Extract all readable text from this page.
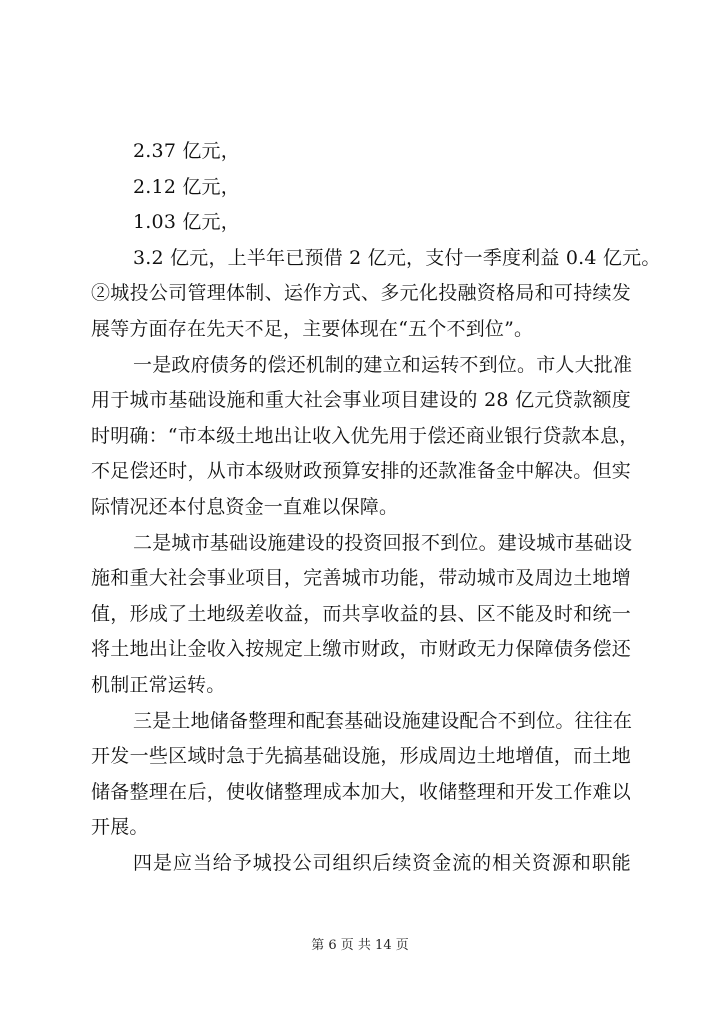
2.37 亿元，
2.12 亿元，
1.03 亿元，
3.2 亿元，上半年已预借 2 亿元，支付一季度利益 0.4 亿元。
②城投公司管理体制、运作方式、多元化投融资格局和可持续发
展等方面存在先天不足，主要体现在“五个不到位”。
一是政府债务的偿还机制的建立和运转不到位。市人大批准
用于城市基础设施和重大社会事业项目建设的 28 亿元贷款额度
时明确：“市本级土地出让收入优先用于偿还商业银行贷款本息，
不足偿还时，从市本级财政预算安排的还款准备金中解决。但实
际情况还本付息资金一直难以保障。
二是城市基础设施建设的投资回报不到位。建设城市基础设
施和重大社会事业项目，完善城市功能，带动城市及周边土地增
值，形成了土地级差收益，而共享收益的县、区不能及时和统一
将土地出让金收入按规定上缴市财政，市财政无力保障债务偿还
机制正常运转。
三是土地储备整理和配套基础设施建设配合不到位。往往在
开发一些区域时急于先搞基础设施，形成周边土地增值，而土地
储备整理在后，使收储整理成本加大，收储整理和开发工作难以
开展。
四是应当给予城投公司组织后续资金流的相关资源和职能
第 6 页 共 14 页
